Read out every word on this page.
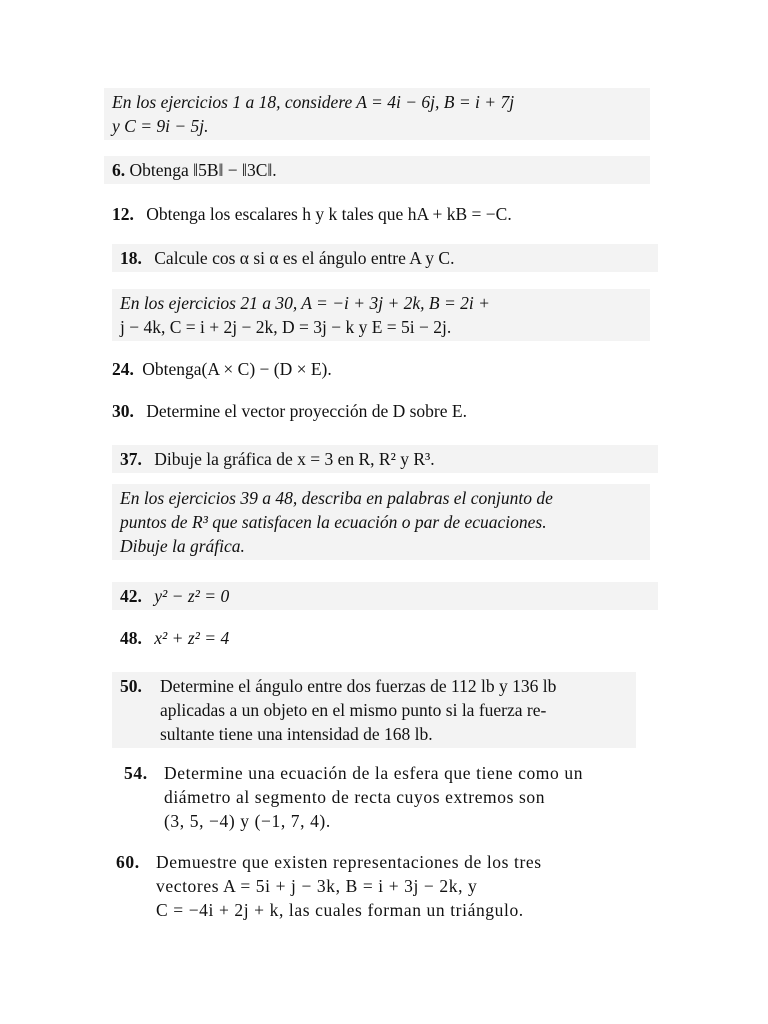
En los ejercicios 1 a 18, considere A = 4i − 6j, B = i + 7j
y C = 9i − 5j.
6. Obtenga ‖5B‖ − ‖3C‖.
12. Obtenga los escalares h y k tales que hA + kB = −C.
18. Calcule cos α si α es el ángulo entre A y C.
En los ejercicios 21 a 30, A = −i + 3j + 2k, B = 2i +
j − 4k, C = i + 2j − 2k, D = 3j − k y E = 5i − 2j.
24. Obtenga(A × C) − (D × E).
30. Determine el vector proyección de D sobre E.
37. Dibuje la gráfica de x = 3 en R, R² y R³.
En los ejercicios 39 a 48, describa en palabras el conjunto de
puntos de R³ que satisfacen la ecuación o par de ecuaciones.
Dibuje la gráfica.
42. y² − z² = 0
48. x² + z² = 4
50.	Determine el ángulo entre dos fuerzas de 112 lb y 136 lb
aplicadas a un objeto en el mismo punto si la fuerza re-
sultante tiene una intensidad de 168 lb.
54. Determine una ecuación de la esfera que tiene como un
diámetro al segmento de recta cuyos extremos son
(3, 5, −4) y (−1, 7, 4).
60. Demuestre que existen representaciones de los tres
vectores A = 5i + j − 3k, B = i + 3j − 2k, y
C = −4i + 2j + k, las cuales forman un triángulo.
